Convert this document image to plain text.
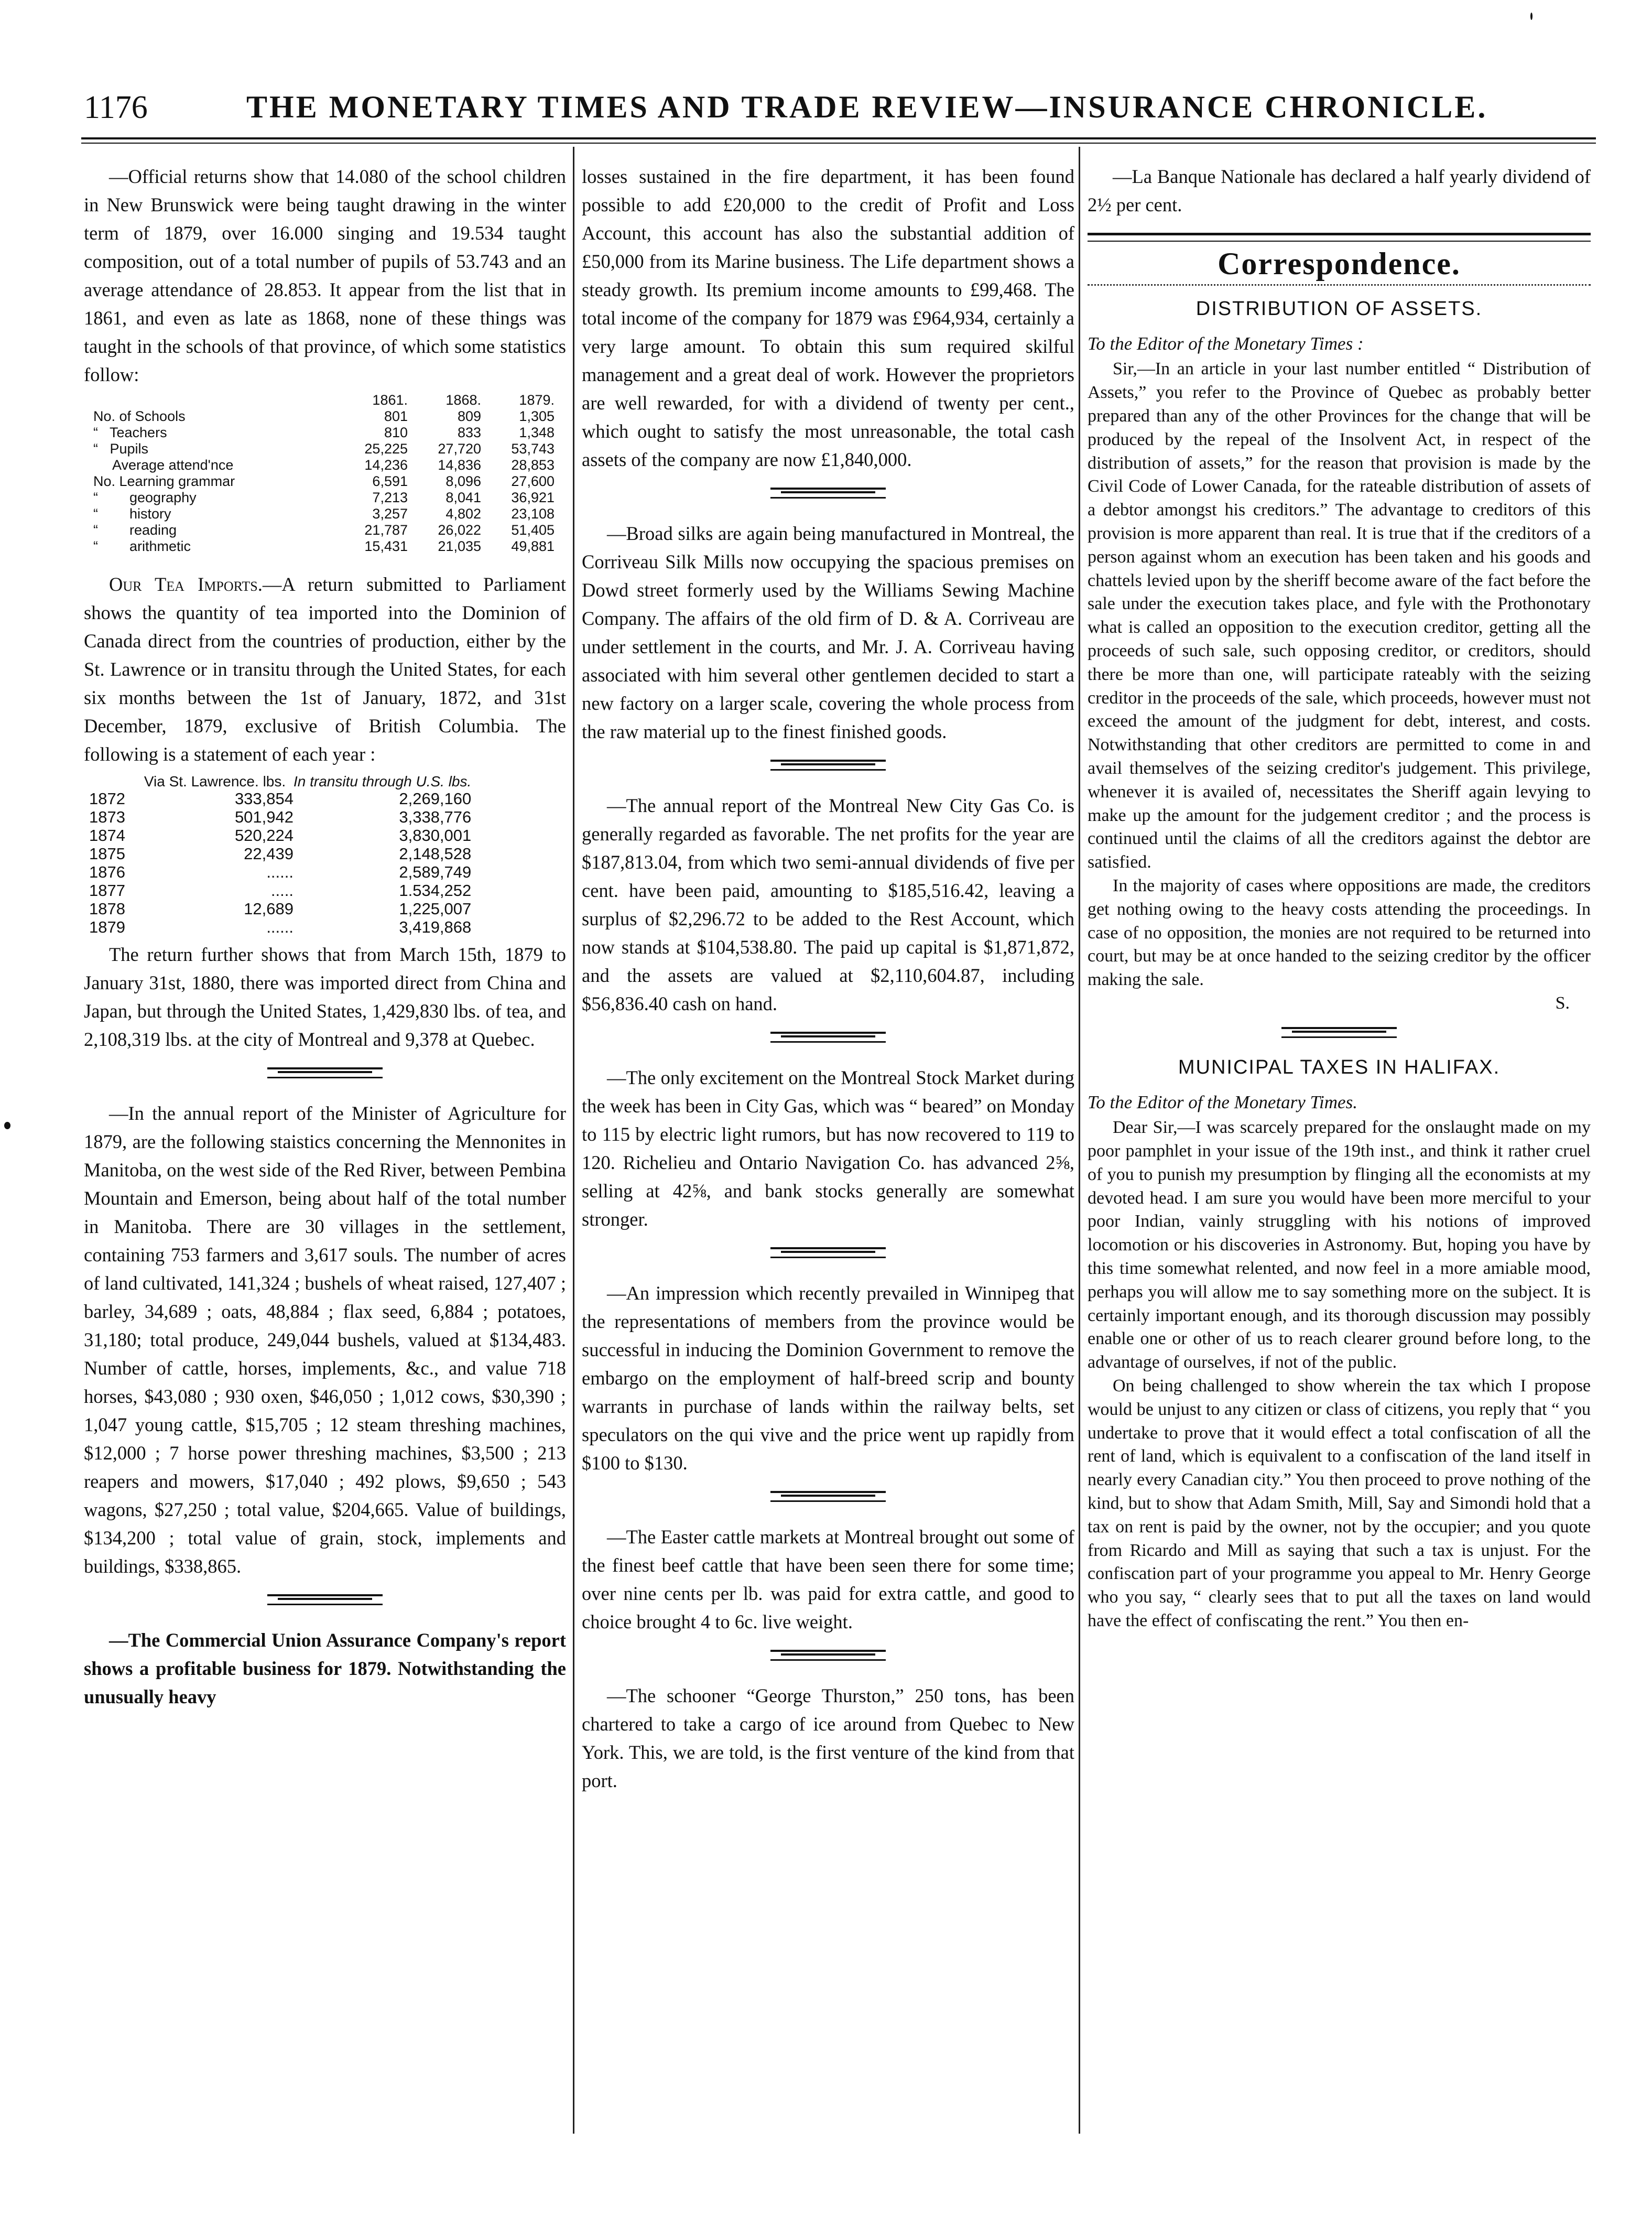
1176	THE MONETARY TIMES AND TRADE REVIEW—INSURANCE CHRONICLE.

—Official returns show that 14.080 of the school children in New Brunswick were being taught drawing in the winter term of 1879, over 16.000 singing and 19.534 taught composition, out of a total number of pupils of 53.743 and an average attendance of 28.853. It appear from the list that in 1861, and even as late as 1868, none of these things was taught in the schools of that province, of which some statistics follow:

	1861.	1868.	1879.
No. of Schools	801	809	1,305
“   Teachers	810	833	1,348
“   Pupils	25,225	27,720	53,743
Average attend'nce	14,236	14,836	28,853
No. Learning grammar	6,591	8,096	27,600
“        geography	7,213	8,041	36,921
“        history	3,257	4,802	23,108
“        reading	21,787	26,022	51,405
“        arithmetic	15,431	21,035	49,881

Our Tea Imports.—A return submitted to Parliament shows the quantity of tea imported into the Dominion of Canada direct from the countries of production, either by the St. Lawrence or in transitu through the United States, for each six months between the 1st of January, 1872, and 31st December, 1879, exclusive of British Columbia. The following is a statement of each year :

	Via St. Lawrence. lbs.	In transitu through U.S. lbs.
1872	333,854	2,269,160
1873	501,942	3,338,776
1874	520,224	3,830,001
1875	22,439	2,148,528
1876	......	2,589,749
1877	.....	1.534,252
1878	12,689	1,225,007
1879	......	3,419,868

The return further shows that from March 15th, 1879 to January 31st, 1880, there was imported direct from China and Japan, but through the United States, 1,429,830 lbs. of tea, and 2,108,319 lbs. at the city of Montreal and 9,378 at Quebec.

—In the annual report of the Minister of Agriculture for 1879, are the following staistics concerning the Mennonites in Manitoba, on the west side of the Red River, between Pembina Mountain and Emerson, being about half of the total number in Manitoba. There are 30 villages in the settlement, containing 753 farmers and 3,617 souls. The number of acres of land cultivated, 141,324 ; bushels of wheat raised, 127,407 ; barley, 34,689 ; oats, 48,884 ; flax seed, 6,884 ; potatoes, 31,180; total produce, 249,044 bushels, valued at $134,483. Number of cattle, horses, implements, &c., and value 718 horses, $43,080 ; 930 oxen, $46,050 ; 1,012 cows, $30,390 ; 1,047 young cattle, $15,705 ; 12 steam threshing machines, $12,000 ; 7 horse power threshing machines, $3,500 ; 213 reapers and mowers, $17,040 ; 492 plows, $9,650 ; 543 wagons, $27,250 ; total value, $204,665. Value of buildings, $134,200 ; total value of grain, stock, implements and buildings, $338,865.

—The Commercial Union Assurance Company's report shows a profitable business for 1879. Notwithstanding the unusually heavy

losses sustained in the fire department, it has been found possible to add £20,000 to the credit of Profit and Loss Account, this account has also the substantial addition of £50,000 from its Marine business. The Life department shows a steady growth. Its premium income amounts to £99,468. The total income of the company for 1879 was £964,934, certainly a very large amount. To obtain this sum required skilful management and a great deal of work. However the proprietors are well rewarded, for with a dividend of twenty per cent., which ought to satisfy the most unreasonable, the total cash assets of the company are now £1,840,000.

—Broad silks are again being manufactured in Montreal, the Corriveau Silk Mills now occupying the spacious premises on Dowd street formerly used by the Williams Sewing Machine Company. The affairs of the old firm of D. & A. Corriveau are under settlement in the courts, and Mr. J. A. Corriveau having associated with him several other gentlemen decided to start a new factory on a larger scale, covering the whole process from the raw material up to the finest finished goods.

—The annual report of the Montreal New City Gas Co. is generally regarded as favorable. The net profits for the year are $187,813.04, from which two semi-annual dividends of five per cent. have been paid, amounting to $185,516.42, leaving a surplus of $2,296.72 to be added to the Rest Account, which now stands at $104,538.80. The paid up capital is $1,871,872, and the assets are valued at $2,110,604.87, including $56,836.40 cash on hand.

—The only excitement on the Montreal Stock Market during the week has been in City Gas, which was “ beared” on Monday to 115 by electric light rumors, but has now recovered to 119 to 120. Richelieu and Ontario Navigation Co. has advanced 2⅝, selling at 42⅝, and bank stocks generally are somewhat stronger.

—An impression which recently prevailed in Winnipeg that the representations of members from the province would be successful in inducing the Dominion Government to remove the embargo on the employment of half-breed scrip and bounty warrants in purchase of lands within the railway belts, set speculators on the qui vive and the price went up rapidly from $100 to $130.

—The Easter cattle markets at Montreal brought out some of the finest beef cattle that have been seen there for some time; over nine cents per lb. was paid for extra cattle, and good to choice brought 4 to 6c. live weight.

—The schooner “George Thurston,” 250 tons, has been chartered to take a cargo of ice around from Quebec to New York. This, we are told, is the first venture of the kind from that port.

—La Banque Nationale has declared a half yearly dividend of 2½ per cent.

Correspondence.
DISTRIBUTION OF ASSETS.

To the Editor of the Monetary Times :

Sir,—In an article in your last number entitled “ Distribution of Assets,” you refer to the Province of Quebec as probably better prepared than any of the other Provinces for the change that will be produced by the repeal of the Insolvent Act, in respect of the distribution of assets,” for the reason that provision is made by the Civil Code of Lower Canada, for the rateable distribution of assets of a debtor amongst his creditors.” The advantage to creditors of this provision is more apparent than real. It is true that if the creditors of a person against whom an execution has been taken and his goods and chattels levied upon by the sheriff become aware of the fact before the sale under the execution takes place, and fyle with the Prothonotary what is called an opposition to the execution creditor, getting all the proceeds of such sale, such opposing creditor, or creditors, should there be more than one, will participate rateably with the seizing creditor in the proceeds of the sale, which proceeds, however must not exceed the amount of the judgment for debt, interest, and costs. Notwithstanding that other creditors are permitted to come in and avail themselves of the seizing creditor's judgement. This privilege, whenever it is availed of, necessitates the Sheriff again levying to make up the amount for the judgement creditor ; and the process is continued until the claims of all the creditors against the debtor are satisfied.

In the majority of cases where oppositions are made, the creditors get nothing owing to the heavy costs attending the proceedings. In case of no opposition, the monies are not required to be returned into court, but may be at once handed to the seizing creditor by the officer making the sale.

S.

MUNICIPAL TAXES IN HALIFAX.

To the Editor of the Monetary Times.

Dear Sir,—I was scarcely prepared for the onslaught made on my poor pamphlet in your issue of the 19th inst., and think it rather cruel of you to punish my presumption by flinging all the economists at my devoted head. I am sure you would have been more merciful to your poor Indian, vainly struggling with his notions of improved locomotion or his discoveries in Astronomy. But, hoping you have by this time somewhat relented, and now feel in a more amiable mood, perhaps you will allow me to say something more on the subject. It is certainly important enough, and its thorough discussion may possibly enable one or other of us to reach clearer ground before long, to the advantage of ourselves, if not of the public.

On being challenged to show wherein the tax which I propose would be unjust to any citizen or class of citizens, you reply that “ you undertake to prove that it would effect a total confiscation of all the rent of land, which is equivalent to a confiscation of the land itself in nearly every Canadian city.” You then proceed to prove nothing of the kind, but to show that Adam Smith, Mill, Say and Simondi hold that a tax on rent is paid by the owner, not by the occupier; and you quote from Ricardo and Mill as saying that such a tax is unjust. For the confiscation part of your programme you appeal to Mr. Henry George who you say, “ clearly sees that to put all the taxes on land would have the effect of confiscating the rent.” You then en-
